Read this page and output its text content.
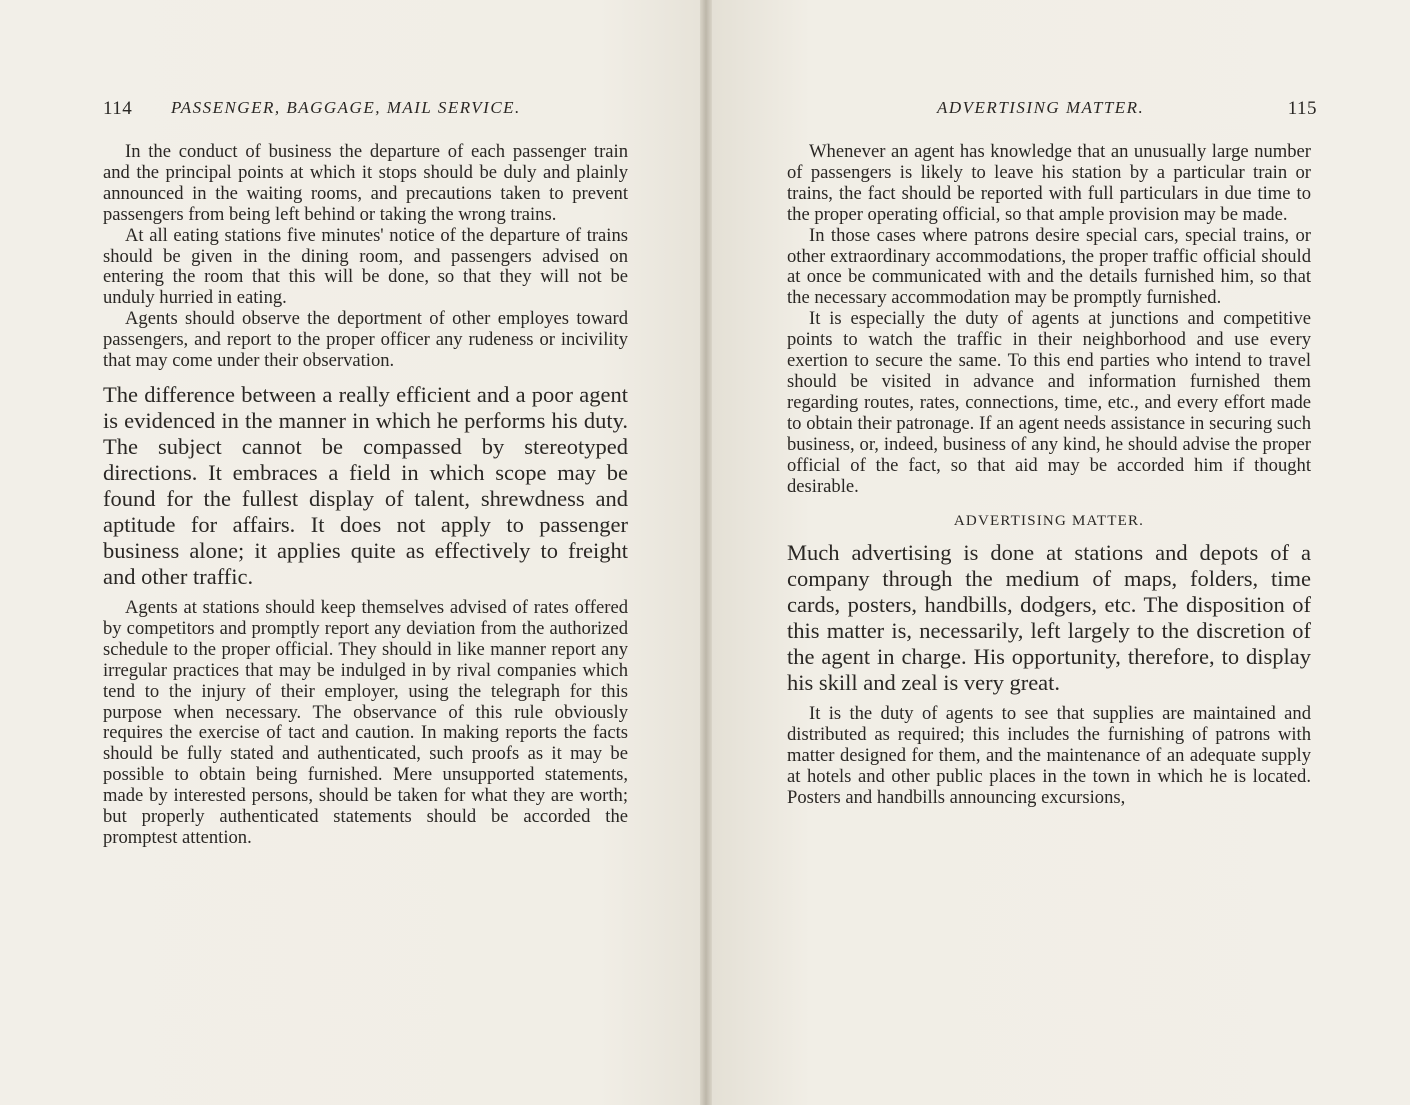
114 PASSENGER, BAGGAGE, MAIL SERVICE.

In the conduct of business the departure of each passenger train and the principal points at which it stops should be duly and plainly announced in the waiting rooms, and precautions taken to prevent passengers from being left behind or taking the wrong trains.

At all eating stations five minutes' notice of the departure of trains should be given in the dining room, and passengers advised on entering the room that this will be done, so that they will not be unduly hurried in eating.

Agents should observe the deportment of other employes toward passengers, and report to the proper officer any rudeness or incivility that may come under their observation.

The difference between a really efficient and a poor agent is evidenced in the manner in which he performs his duty. The subject cannot be compassed by stereotyped directions. It embraces a field in which scope may be found for the fullest display of talent, shrewdness and aptitude for affairs. It does not apply to passenger business alone; it applies quite as effectively to freight and other traffic.

Agents at stations should keep themselves advised of rates offered by competitors and promptly report any deviation from the authorized schedule to the proper official. They should in like manner report any irregular practices that may be indulged in by rival companies which tend to the injury of their employer, using the telegraph for this purpose when necessary. The observance of this rule obviously requires the exercise of tact and caution. In making reports the facts should be fully stated and authenticated, such proofs as it may be possible to obtain being furnished. Mere unsupported statements, made by interested persons, should be taken for what they are worth; but properly authenticated statements should be accorded the promptest attention.

ADVERTISING MATTER.	115

Whenever an agent has knowledge that an unusually large number of passengers is likely to leave his station by a particular train or trains, the fact should be reported with full particulars in due time to the proper operating official, so that ample provision may be made.

In those cases where patrons desire special cars, special trains, or other extraordinary accommodations, the proper traffic official should at once be communicated with and the details furnished him, so that the necessary accommodation may be promptly furnished.

It is especially the duty of agents at junctions and competitive points to watch the traffic in their neighborhood and use every exertion to secure the same. To this end parties who intend to travel should be visited in advance and information furnished them regarding routes, rates, connections, time, etc., and every effort made to obtain their patronage. If an agent needs assistance in securing such business, or, indeed, business of any kind, he should advise the proper official of the fact, so that aid may be accorded him if thought desirable.

ADVERTISING MATTER.

Much advertising is done at stations and depots of a company through the medium of maps, folders, time cards, posters, handbills, dodgers, etc. The disposition of this matter is, necessarily, left largely to the discretion of the agent in charge. His opportunity, therefore, to display his skill and zeal is very great.

It is the duty of agents to see that supplies are maintained and distributed as required; this includes the furnishing of patrons with matter designed for them, and the maintenance of an adequate supply at hotels and other public places in the town in which he is located. Posters and handbills announcing excursions,
